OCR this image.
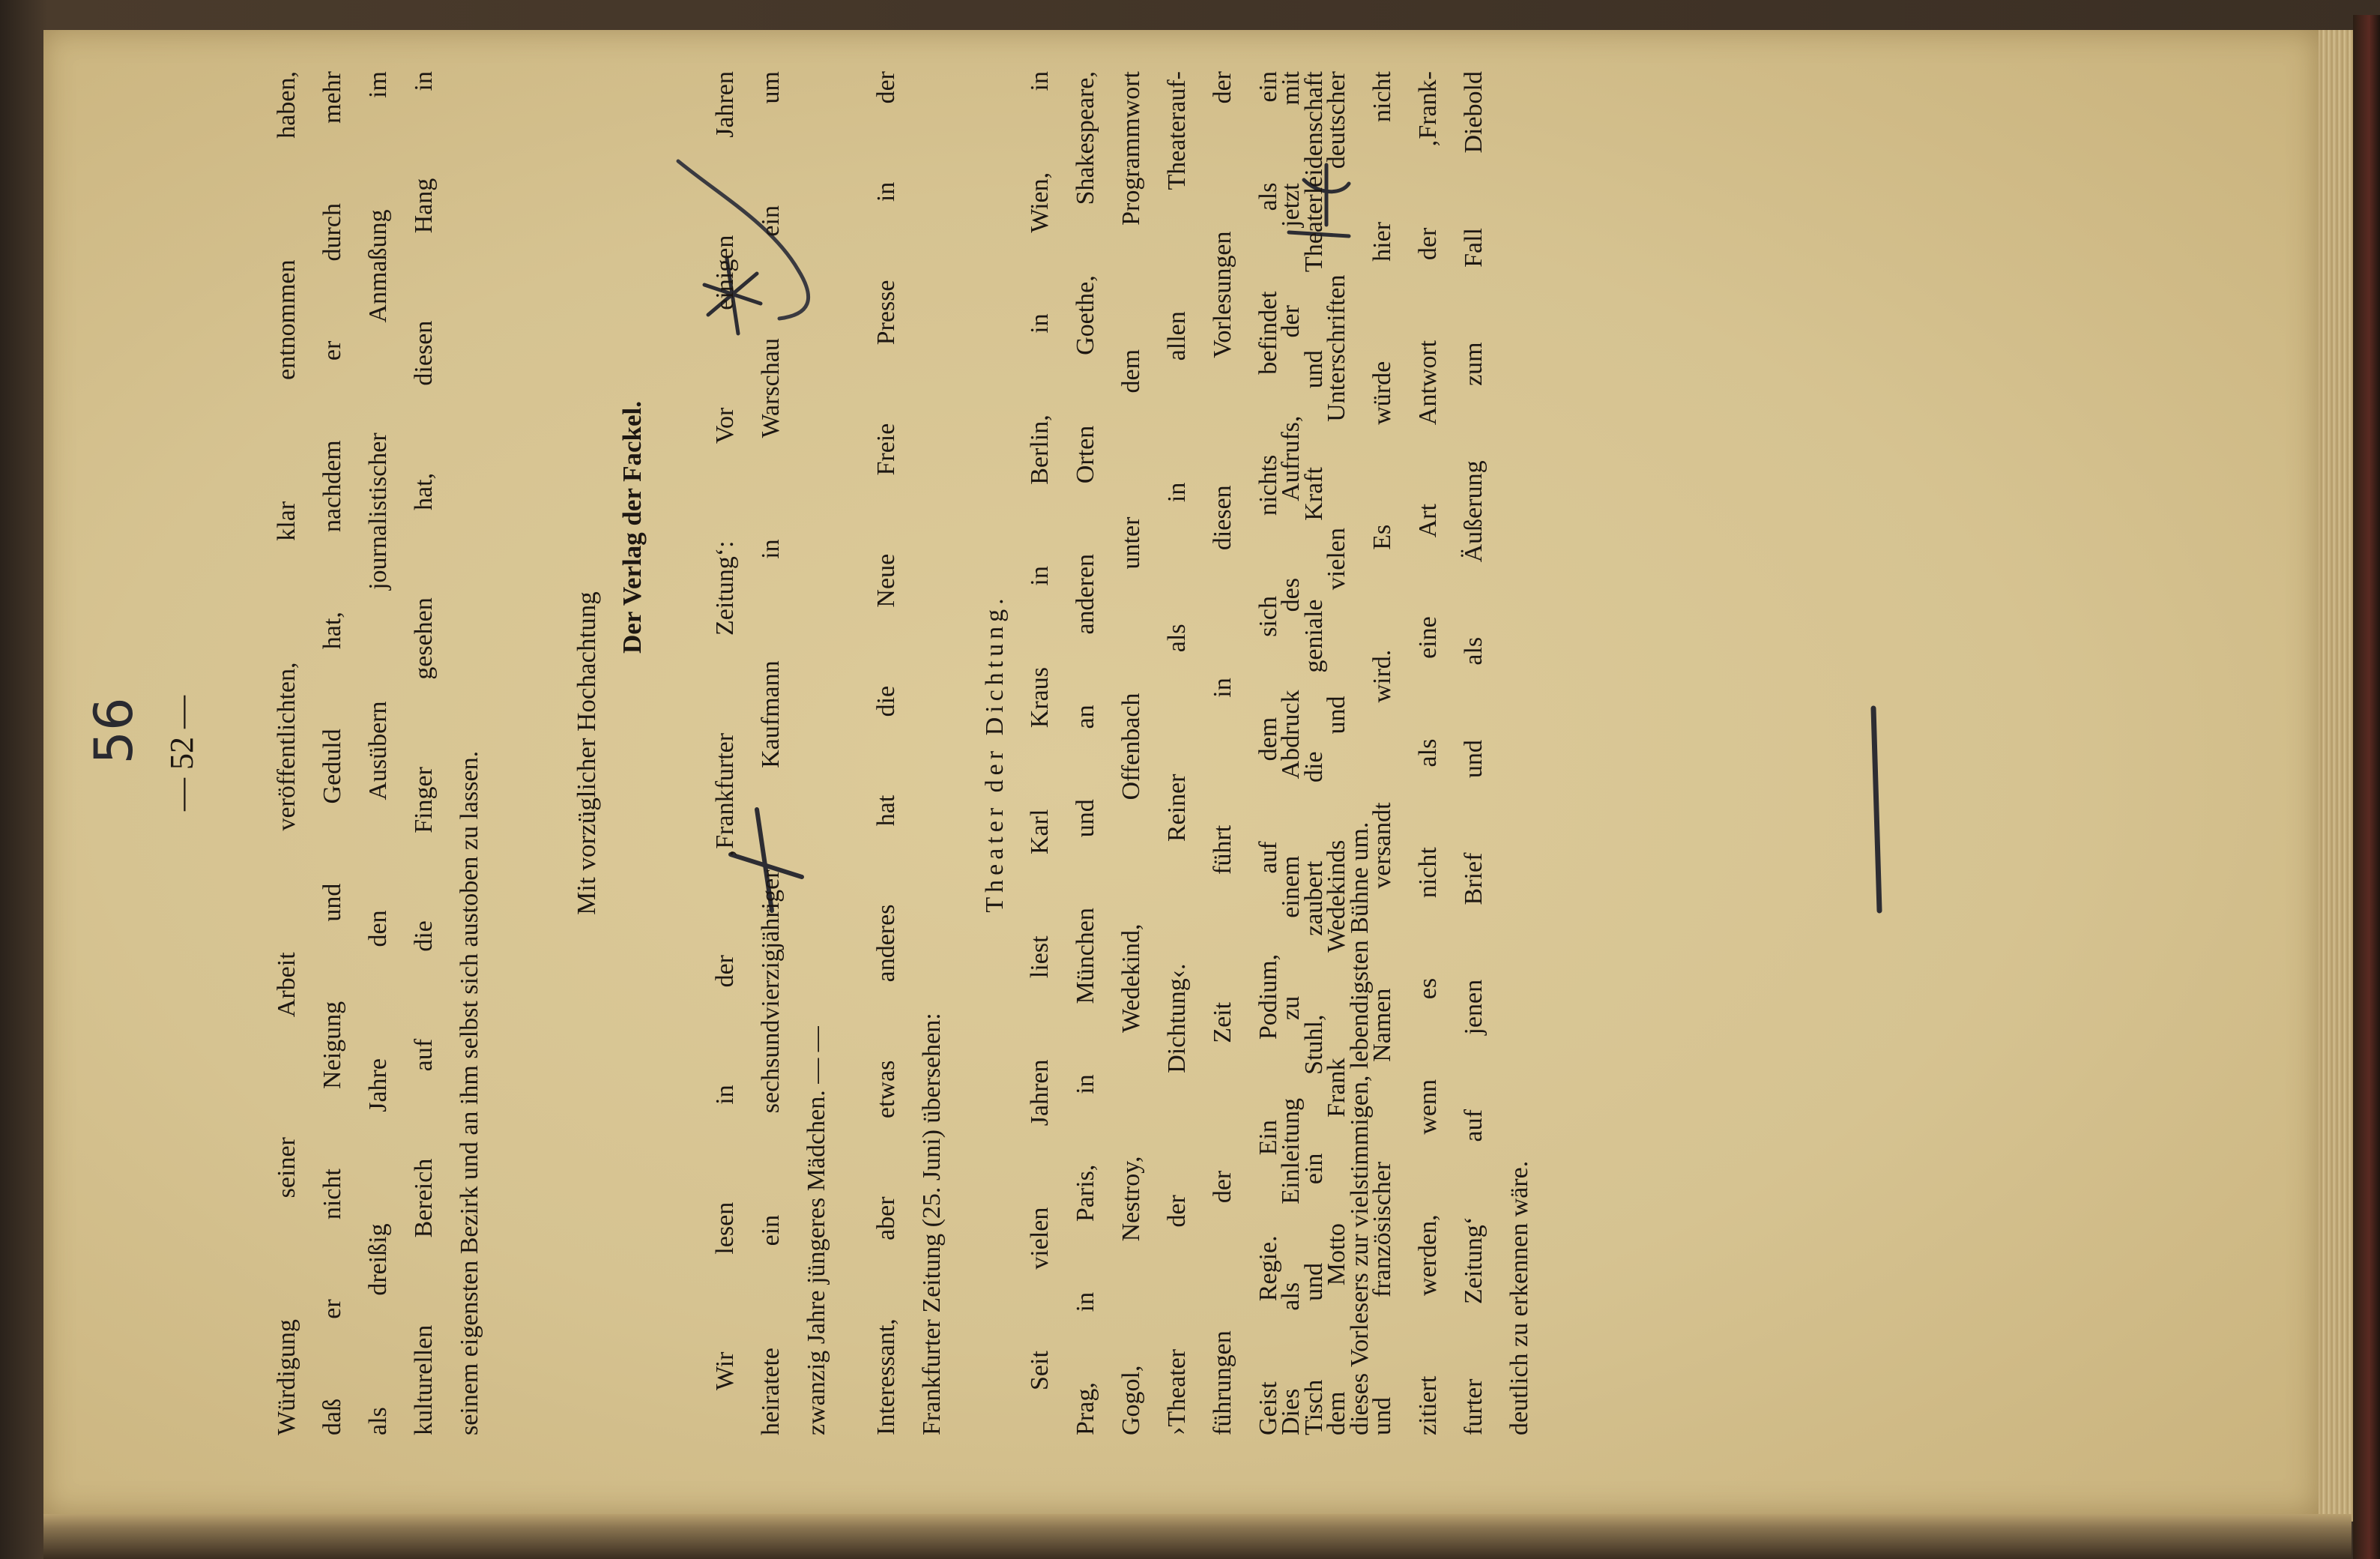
56 — 52 —	Würdigung seiner Arbeit veröffentlichten, klar entnommen haben, daß er nicht Neigung und Geduld hat, nachdem er durch mehr als dreißig Jahre den Ausübern journalistischer Anmaßung im kulturellen Bereich auf die Finger gesehen hat, diesen Hang in seinem eigensten Bezirk und an ihm selbst sich austoben zu lassen.	Mit vorzüglicher Hochachtung
Der Verlag der Fackel.	Wir lesen in der ‚Frankfurter Zeitung‘: Vor einigen Jahren heiratete ein sechsundvierzigjähriger Kaufmann in Warschau ein um zwanzig Jahre jüngeres Mädchen. — —	Interessant, aber etwas anderes hat die Neue Freie Presse in der Frankfurter Zeitung (25. Juni) übersehen:
Theater der Dichtung. Seit vielen Jahren liest Karl Kraus in Berlin, in Wien, in Prag, in Paris, in München und an anderen Orten Goethe, Shakespeare, Gogol, Nestroy, Wedekind, Offenbach unter dem Programmwort ›Theater der Dichtung‹. Reiner als in allen Theaterauf- führungen der Zeit führt in diesen Vorlesungen der Geist Regie. Ein Podium, auf dem sich nichts befindet als ein Tisch und ein Stuhl, zaubert die geniale Kraft und Theaterleidenschaft dieses Vorlesers zur vielstimmigen, lebendigsten Bühne um.
Dies als Einleitung zu einem Abdruck des Aufrufs, der jetzt mit dem Motto Frank Wedekinds und vielen Unterschriften deutscher und französischer Namen versandt wird. Es würde hier nicht zitiert werden, wenn es nicht als eine Art Antwort der ‚Frank- furter Zeitung‘ auf jenen Brief und als Äußerung zum Fall Diebold deutlich zu erkennen wäre.
